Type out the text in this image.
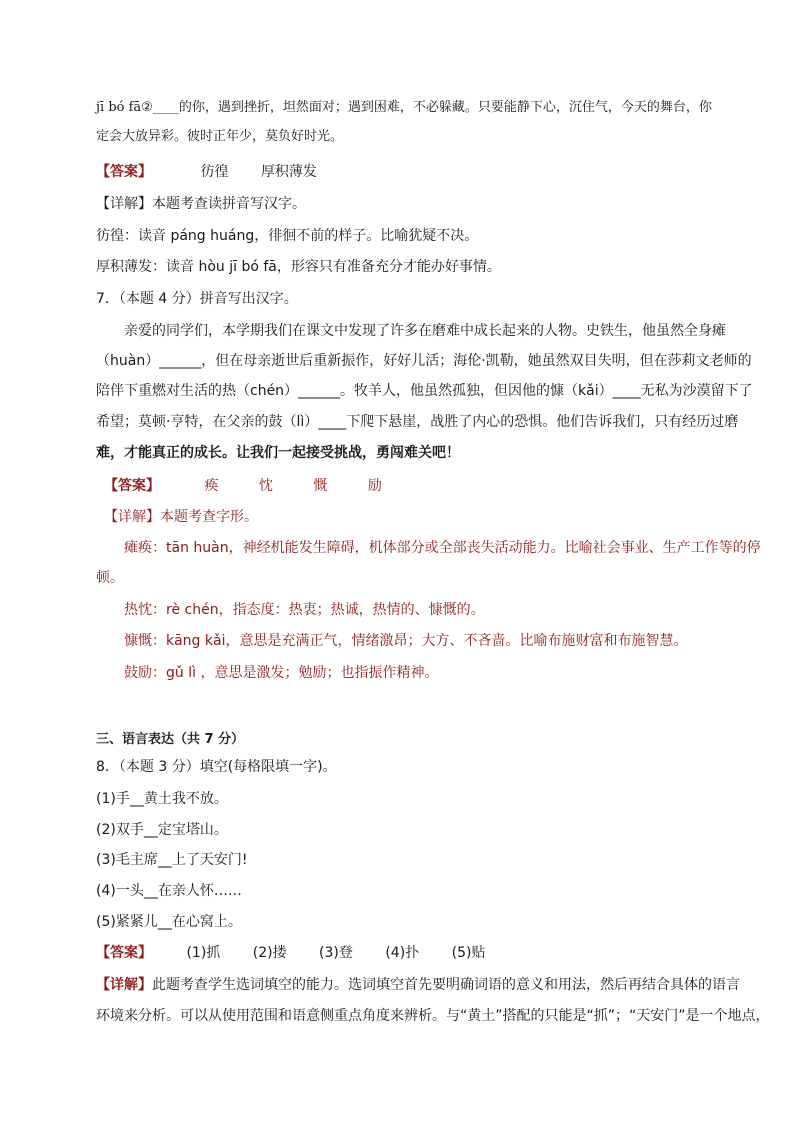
jī bó fā②____的你，遇到挫折，坦然面对；遇到困难，不必躲藏。只要能静下心，沉住气，今天的舞台，你
定会大放异彩。彼时正年少，莫负好时光。
【答案】	彷徨 厚积薄发
【详解】本题考查读拼音写汉字。
彷徨：读音 páng huáng，徘徊不前的样子。比喻犹疑不决。
厚积薄发：读音 hòu jī bó fā，形容只有准备充分才能办好事情。
7．（本题 4 分）拼音写出汉字。
亲爱的同学们，本学期我们在课文中发现了许多在磨难中成长起来的人物。史铁生，他虽然全身瘫
（huàn）______，但在母亲逝世后重新振作，好好儿活；海伦·凯勒，她虽然双目失明，但在莎莉文老师的
陪伴下重燃对生活的热（chén）______。牧羊人，他虽然孤独，但因他的慷（kǎi）____无私为沙漠留下了
希望；莫顿·亨特，在父亲的鼓（lì）____下爬下悬崖，战胜了内心的恐惧。他们告诉我们，只有经历过磨
难，才能真正的成长。让我们一起接受挑战，勇闯难关吧！
【答案】	痪	忱	慨	励
【详解】本题考查字形。
瘫痪：tān huàn，神经机能发生障碍，机体部分或全部丧失活动能力。比喻社会事业、生产工作等的停
顿。
热忱：rè chén，指态度：热衷；热诚，热情的、慷慨的。
慷慨：kāng kǎi，意思是充满正气，情绪激昂；大方、不吝啬。比喻布施财富和布施智慧。
鼓励：gǔ lì ，意思是激发；勉励；也指振作精神。
三、语言表达（共 7 分）
8．（本题 3 分）填空(每格限填一字)。
(1)手__黄土我不放。
(2)双手__定宝塔山。
(3)毛主席__上了天安门!
(4)一头__在亲人怀……
(5)紧紧儿__在心窝上。
【答案】 (1)抓 (2)搂 (3)登 (4)扑 (5)贴
【详解】此题考查学生选词填空的能力。选词填空首先要明确词语的意义和用法，然后再结合具体的语言
环境来分析。可以从使用范围和语意侧重点角度来辨析。与“黄土”搭配的只能是“抓”；“天安门”是一个地点，
